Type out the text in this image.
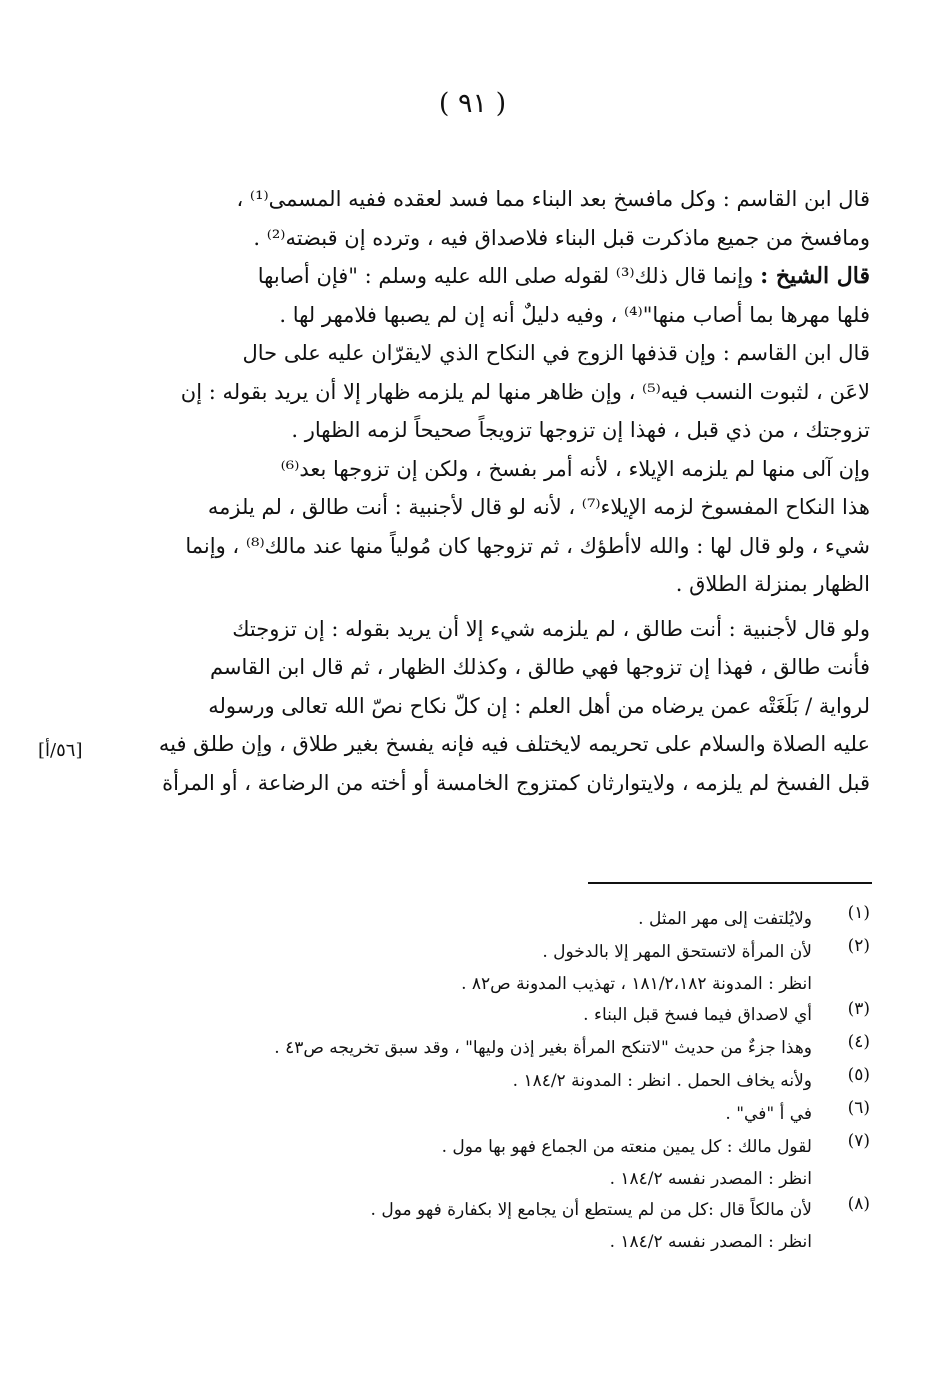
( ٩١ )

قال ابن القاسم : وكل مافسخ بعد البناء مما فسد لعقده ففيه المسمى⁽¹⁾ ،

ومافسخ من جميع ماذكرت قبل البناء فلاصداق فيه ، وترده إن قبضته⁽²⁾ .

قال الشيخ : وإنما قال ذلك⁽³⁾ لقوله صلى الله عليه وسلم : "فإن أصابها

فلها مهرها بما أصاب منها"⁽⁴⁾ ، وفيه دليلٌ أنه إن لم يصبها فلامهر لها .

قال ابن القاسم : وإن قذفها الزوج في النكاح الذي لايقرّان عليه على حال

لاعَن ، لثبوت النسب فيه⁽⁵⁾ ، وإن ظاهر منها لم يلزمه ظهار إلا أن يريد بقوله : إن

تزوجتك ، من ذي قبل ، فهذا إن تزوجها تزويجاً صحيحاً لزمه الظهار .

وإن آلى منها لم يلزمه الإيلاء ، لأنه أمر بفسخ ، ولكن إن تزوجها بعد⁽⁶⁾

هذا النكاح المفسوخ لزمه الإيلاء⁽⁷⁾ ، لأنه لو قال لأجنبية : أنت طالق ، لم يلزمه

شيء ، ولو قال لها : والله لاأطؤك ، ثم تزوجها كان مُولياً منها عند مالك⁽⁸⁾ ، وإنما

الظهار بمنزلة الطلاق .

ولو قال لأجنبية : أنت طالق ، لم يلزمه شيء إلا أن يريد بقوله : إن تزوجتك

فأنت طالق ، فهذا إن تزوجها فهي طالق ، وكذلك الظهار ، ثم قال ابن القاسم

لرواية / بَلَغَتْه عمن يرضاه من أهل العلم : إن كلّ نكاح نصّ الله تعالى ورسوله

عليه الصلاة والسلام على تحريمه لايختلف فيه فإنه يفسخ بغير طلاق ، وإن طلق فيه

قبل الفسخ لم يلزمه ، ولايتوارثان كمتزوج الخامسة أو أخته من الرضاعة ، أو المرأة

[٥٦/أ]
(١)
ولايُلتفت إلى مهر المثل .
(٢)
لأن المرأة لاتستحق المهر إلا بالدخول .
انظر : المدونة ١٨١/٢،١٨٢ ، تهذيب المدونة ص٨٢ .
(٣)
أي لاصداق فيما فسخ قبل البناء .
(٤)
وهذا جزءٌ من حديث "لاتنكح المرأة بغير إذن وليها" ، وقد سبق تخريجه ص٤٣ .
(٥)
ولأنه يخاف الحمل . انظر : المدونة ١٨٤/٢ .
(٦)
في أ "في" .
(٧)
لقول مالك : كل يمين منعته من الجماع فهو بها مول .
انظر : المصدر نفسه ١٨٤/٢ .
(٨)
لأن مالكاً قال :كل من لم يستطع أن يجامع إلا بكفارة فهو مول .
انظر : المصدر نفسه ١٨٤/٢ .
